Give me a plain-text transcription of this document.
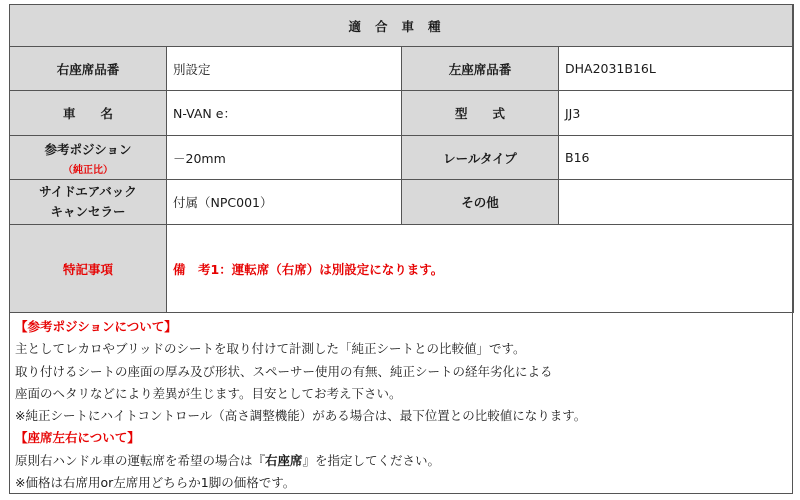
適合車種			
右座席品番	別設定	左座席品番	DHA2031B16L
車　　名	N-VAN e：	型　　式	JJ3
参考ポジション
（純正比）	－20mm	レールタイプ	B16
サイドエアバック
キャンセラー	付属（NPC001）	その他	
特記事項	備　考1：運転席（右席）は別設定になります。		
【参考ポジションについて】
主としてレカロやブリッドのシートを取り付けて計測した「純正シートとの比較値」です。
取り付けるシートの座面の厚み及び形状、スペーサー使用の有無、純正シートの経年劣化による
座面のヘタリなどにより差異が生じます。目安としてお考え下さい。
※純正シートにハイトコントロール（高さ調整機能）がある場合は、最下位置との比較値になります。
【座席左右について】
原則右ハンドル車の運転席を希望の場合は『右座席』を指定してください。
※価格は右席用or左席用どちらか1脚の価格です。
